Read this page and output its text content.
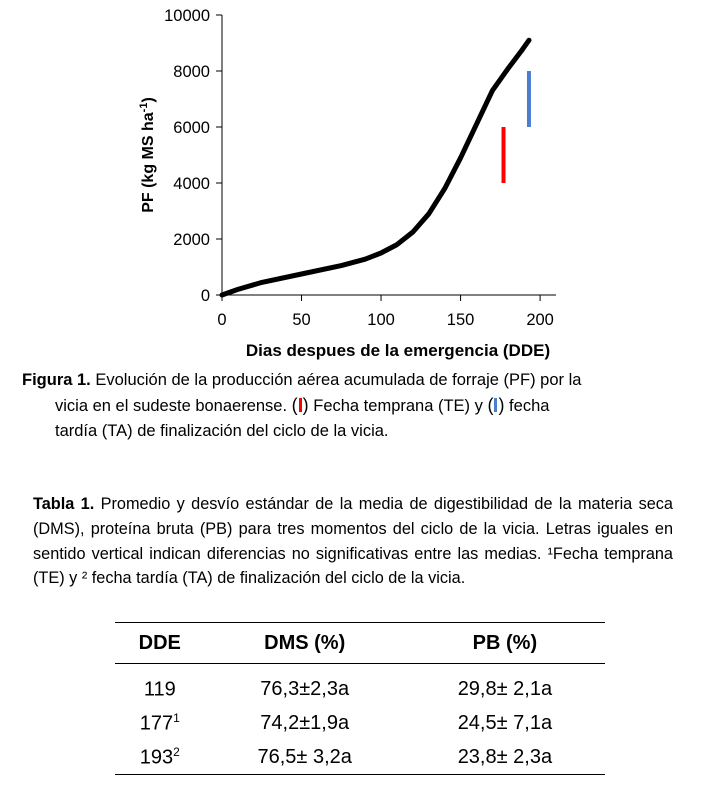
0
2000
4000
6000
8000
10000
0	50	100	150	200
Dias despues de la emergencia (DDE)
PF (kg MS $ha^{-1}$)
Figura 1. Evolución de la producción aérea acumulada de forraje (PF) por la
vicia en el sudeste bonaerense. ( ) Fecha temprana (TE) y ( ) fecha
tardía (TA) de finalización del ciclo de la vicia.
Tabla 1. Promedio y desvío estándar de la media de digestibilidad de la materia seca (DMS), proteína bruta (PB) para tres momentos del ciclo de la vicia. Letras iguales en sentido vertical indican diferencias no significativas entre las medias. ¹Fecha temprana (TE) y ² fecha tardía (TA) de finalización del ciclo de la vicia.
DDE	DMS (%)	PB (%)
119	76,3±2,3a	29,8± 2,1a
$177^1$	74,2±1,9a	24,5± 7,1a
$193^2$	76,5± 3,2a	23,8± 2,3a
